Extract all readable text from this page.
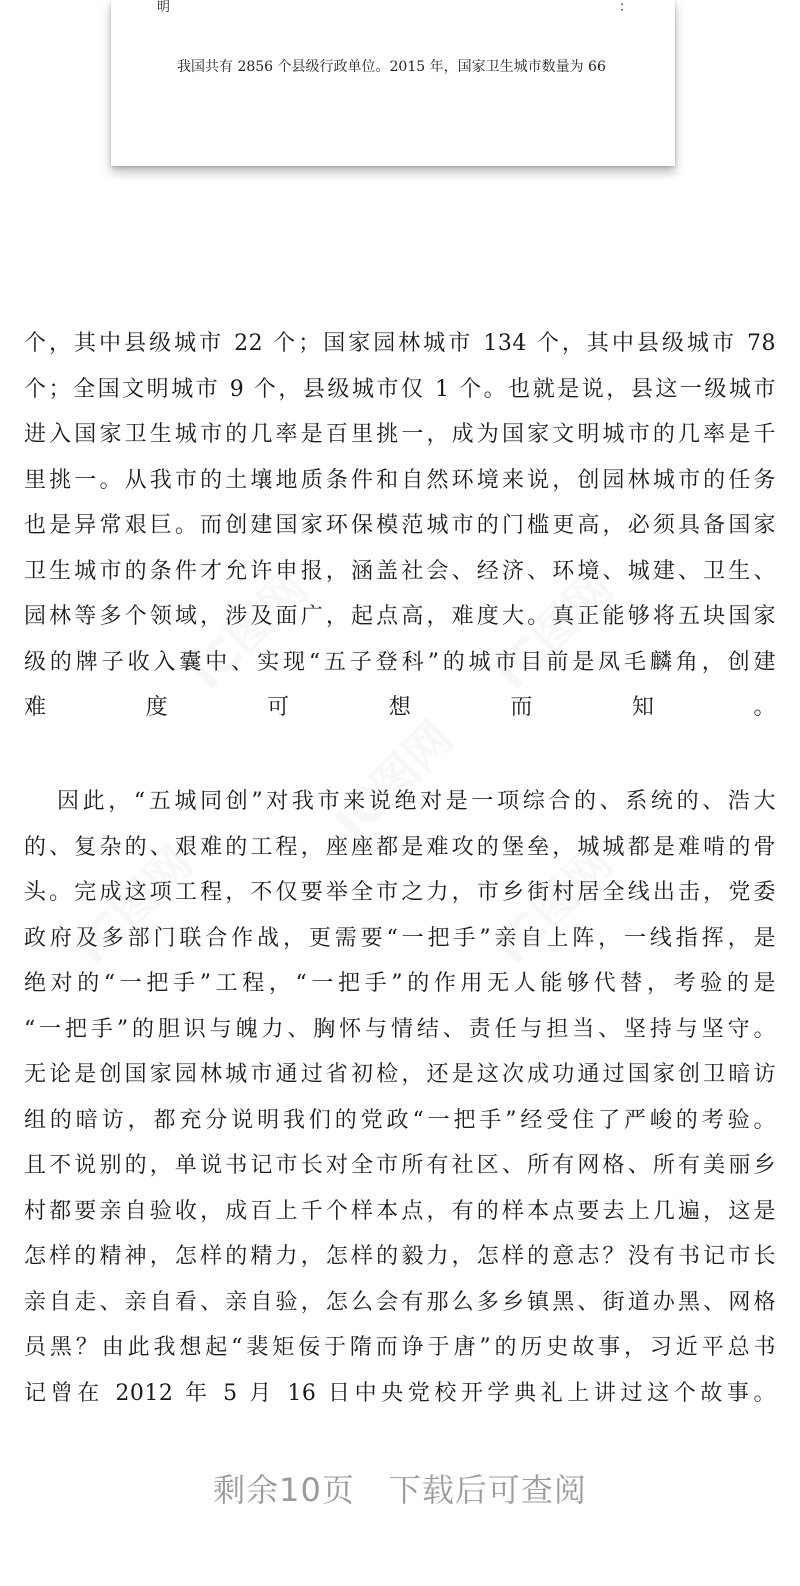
明	：
我国共有 2856 个县级行政单位。2015 年，国家卫生城市数量为 66
IC图网	IC图网
IC图网
IC图网	IC图网
个，其中县级城市 22 个；国家园林城市 134 个，其中县级城市 78
个；全国文明城市 9 个，县级城市仅 1 个。也就是说，县这一级城市
进入国家卫生城市的几率是百里挑一，成为国家文明城市的几率是千
里挑一。从我市的土壤地质条件和自然环境来说，创园林城市的任务
也是异常艰巨。而创建国家环保模范城市的门槛更高，必须具备国家
卫生城市的条件才允许申报，涵盖社会、经济、环境、城建、卫生、
园林等多个领域，涉及面广，起点高，难度大。真正能够将五块国家
级的牌子收入囊中、实现“五子登科”的城市目前是凤毛麟角，创建
难 度 可 想 而 知 。
因此，“五城同创”对我市来说绝对是一项综合的、系统的、浩大
的、复杂的、艰难的工程，座座都是难攻的堡垒，城城都是难啃的骨
头。完成这项工程，不仅要举全市之力，市乡街村居全线出击，党委
政府及多部门联合作战，更需要“一把手”亲自上阵，一线指挥，是
绝对的“一把手”工程，“一把手”的作用无人能够代替，考验的是
“一把手”的胆识与魄力、胸怀与情结、责任与担当、坚持与坚守。
无论是创国家园林城市通过省初检，还是这次成功通过国家创卫暗访
组的暗访，都充分说明我们的党政“一把手”经受住了严峻的考验。
且不说别的，单说书记市长对全市所有社区、所有网格、所有美丽乡
村都要亲自验收，成百上千个样本点，有的样本点要去上几遍，这是
怎样的精神，怎样的精力，怎样的毅力，怎样的意志？没有书记市长
亲自走、亲自看、亲自验，怎么会有那么多乡镇黑、街道办黑、网格
员黑？由此我想起“裴矩佞于隋而诤于唐”的历史故事，习近平总书
记曾在 2012 年 5 月 16 日中央党校开学典礼上讲过这个故事。
剩余10页 下载后可查阅
